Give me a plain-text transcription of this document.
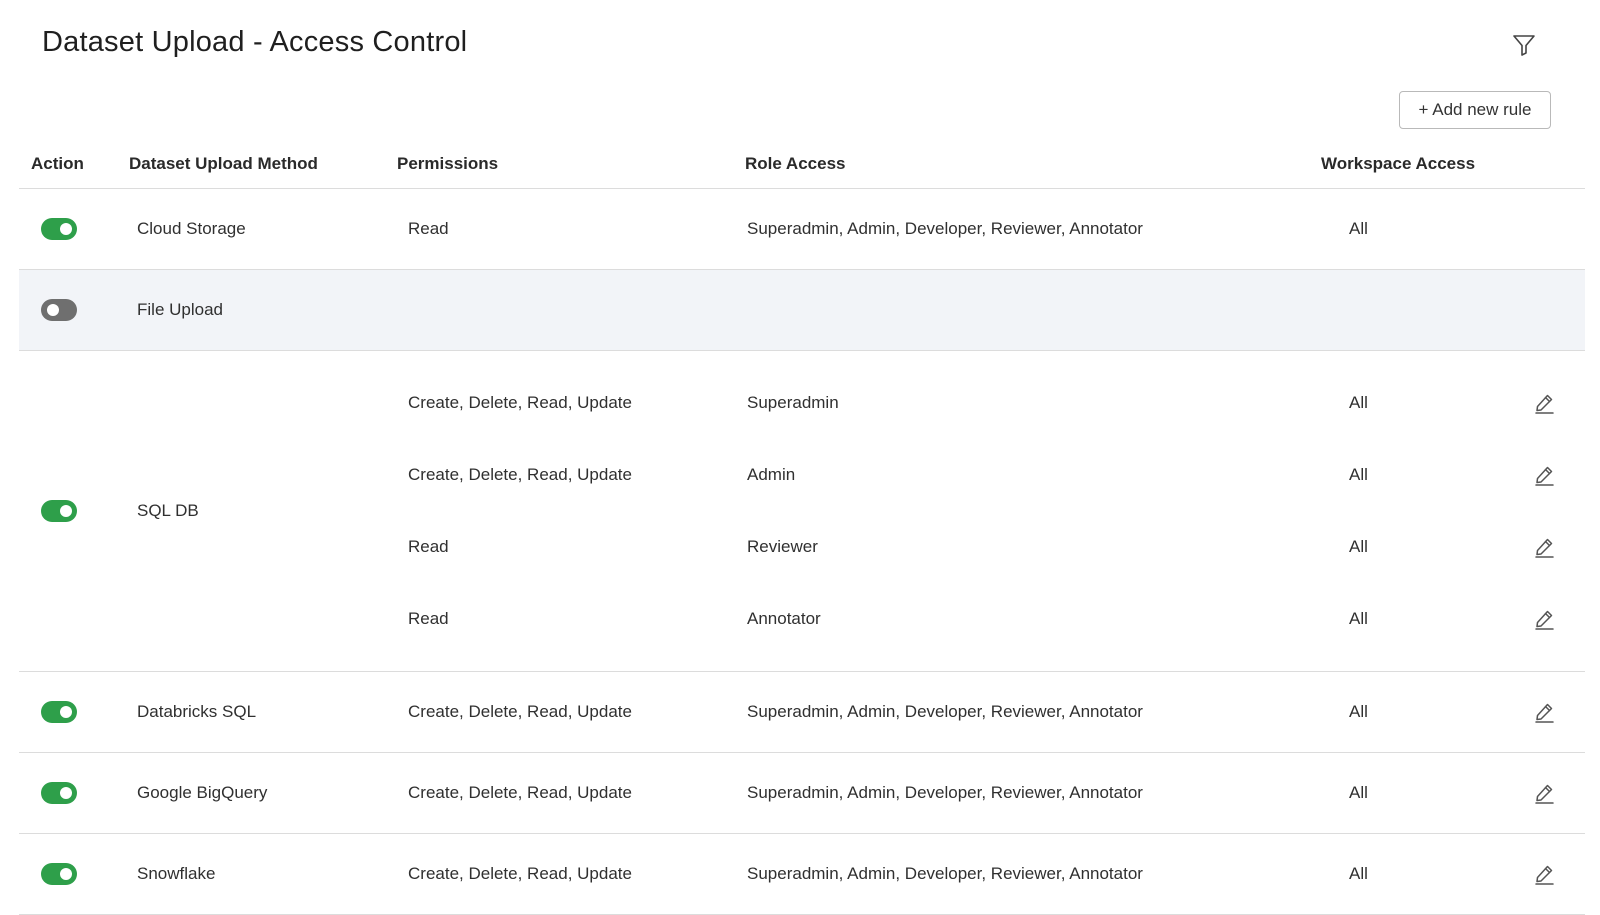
Dataset Upload - Access Control
+ Add new rule
Action	Dataset Upload Method	Permissions	Role Access	Workspace Access
Cloud Storage	Read	Superadmin, Admin, Developer, Reviewer, Annotator	All
File Upload
SQL DB
Create, Delete, Read, Update	Superadmin	All
Create, Delete, Read, Update	Admin	All
Read	Reviewer	All
Read	Annotator	All
Databricks SQL	Create, Delete, Read, Update	Superadmin, Admin, Developer, Reviewer, Annotator	All
Google BigQuery	Create, Delete, Read, Update	Superadmin, Admin, Developer, Reviewer, Annotator	All
Snowflake	Create, Delete, Read, Update	Superadmin, Admin, Developer, Reviewer, Annotator	All
